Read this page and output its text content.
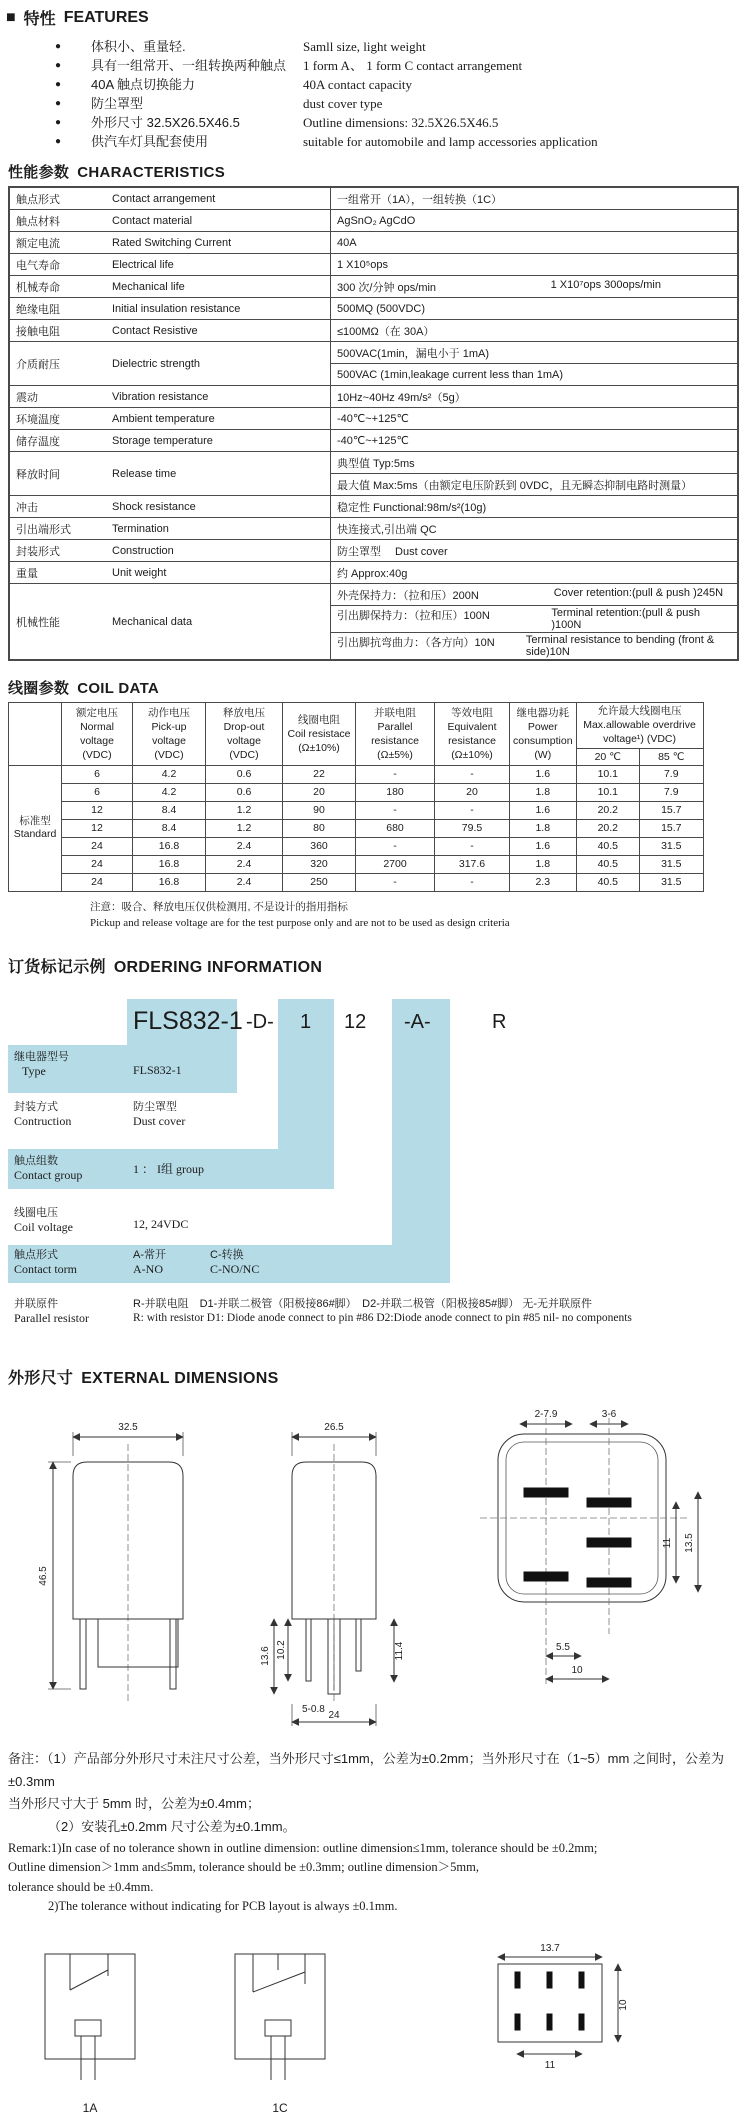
■ 特性 FEATURES
●	体积小、重量轻.	Samll size, light weight
●	具有一组常开、一组转换两种触点	1 form A、 1 form C contact arrangement
●	40A 触点切换能力	40A contact capacity
●	防尘罩型	dust cover type
●	外形尺寸 32.5X26.5X46.5	Outline dimensions: 32.5X26.5X46.5
●	供汽车灯具配套使用	suitable for automobile and lamp accessories application
性能参数 CHARACTERISTICS
触点形式	Contact arrangement	一组常开（1A），一组转换（1C）
触点材料	Contact material	AgSnO₂ AgCdO
额定电流	Rated Switching Current	40A
电气寿命	Electrical life	1 X10⁵ops
机械寿命	Mechanical life	300 次/分钟 ops/min 1 X10⁷ops 300ops/min

绝缘电阻	Initial insulation resistance	500MQ (500VDC)
接触电阻	Contact Resistive	≤100MΩ（在 30A）
介质耐压	Dielectric strength	500VAC(1min，漏电小于 1mA)
		500VAC (1min,leakage current less than 1mA)
震动	Vibration resistance	10Hz~40Hz 49m/s²（5g）
环境温度	Ambient temperature	-40℃~+125℃
储存温度	Storage temperature	-40℃~+125℃
释放时间	Release time	典型值 Typ:5ms
		最大值 Max:5ms（由额定电压阶跃到 0VDC，且无瞬态抑制电路时测量）
冲击	Shock resistance	稳定性 Functional:98m/s²(10g)
引出端形式	Termination	快连接式,引出端 QC
封装形式	Construction	防尘罩型　 Dust cover
重量	Unit weight	约 Approx:40g
机械性能	Mechanical data	外壳保持力：（拉和压）200N Cover retention:(pull & push )245N

		引出脚保持力：（拉和压）100N Terminal retention:(pull & push )100N

		引出脚抗弯曲力：（各方向）10N Terminal resistance to bending (front & side)10N
线圈参数 COIL DATA

	额定电压
Normal voltage
(VDC)	动作电压
Pick-up voltage
(VDC)	释放电压
Drop-out voltage
(VDC)	线圈电阻
Coil resistace
(Ω±10%)	并联电阻
Parallel resistance
(Ω±5%)	等效电阻
Equivalent resistance
(Ω±10%)	继电器功耗
Power consumption
(W)	允许最大线圈电压
Max.allowable overdrive
voltage¹) (VDC)	

								20 ℃	85 ℃
标准型
Standard	6	4.2	0.6	22	-	-	1.6	10.1	7.9
	6	4.2	0.6	20	180	20	1.8	10.1	7.9
	12	8.4	1.2	90	-	-	1.6	20.2	15.7
	12	8.4	1.2	80	680	79.5	1.8	20.2	15.7
	24	16.8	2.4	360	-	-	1.6	40.5	31.5
	24	16.8	2.4	320	2700	317.6	1.8	40.5	31.5
	24	16.8	2.4	250	-	-	2.3	40.5	31.5
注意：吸合、释放电压仅供检测用, 不是设计的指用指标
Pickup and release voltage are for the test purpose only and are not to be used as design criteria
订货标记示例 ORDERING INFORMATION
FLS832-1 -D- 1 12 -A-	R
继电器型号
Type	FLS832-1
封装方式
Contruction
防尘罩型
Dust cover
触点组数
Contact group	1 ： I组 group
线圈电压
Coil voltage	12, 24VDC
触点形式
Contact torm
A-常开
A-NO
C-转换
C-NO/NC
并联原件
Parallel resistor
R-并联电阻　D1-并联二极管（阳极接86#脚）　D2-并联二极管（阳极接85#脚） 无-无并联原件
R: with resistor D1: Diode anode connect to pin #86 D2:Diode anode connect to pin #85 nil- no components
外形尺寸 EXTERNAL DIMENSIONS
32.5
46.5
26.5
13.6 10.2	11.4
5-0.8
24
2-7.9	3-6
11 13.5
5.5
10
备注：（1）产品部分外形尺寸未注尺寸公差，当外形尺寸≤1mm，公差为±0.2mm；当外形尺寸在（1~5）mm 之间时，公差为±0.3mm
当外形尺寸大于 5mm 时，公差为±0.4mm；
（2）安装孔±0.2mm 尺寸公差为±0.1mm。
Remark:1)In case of no tolerance shown in outline dimension: outline dimension≤1mm, tolerance should be ±0.2mm;
Outline dimension＞1mm and≤5mm, tolerance should be ±0.3mm; outline dimension＞5mm,
tolerance should be ±0.4mm.
2)The tolerance without indicating for PCB layout is always ±0.1mm.
1A	1C
13.7
10
11
